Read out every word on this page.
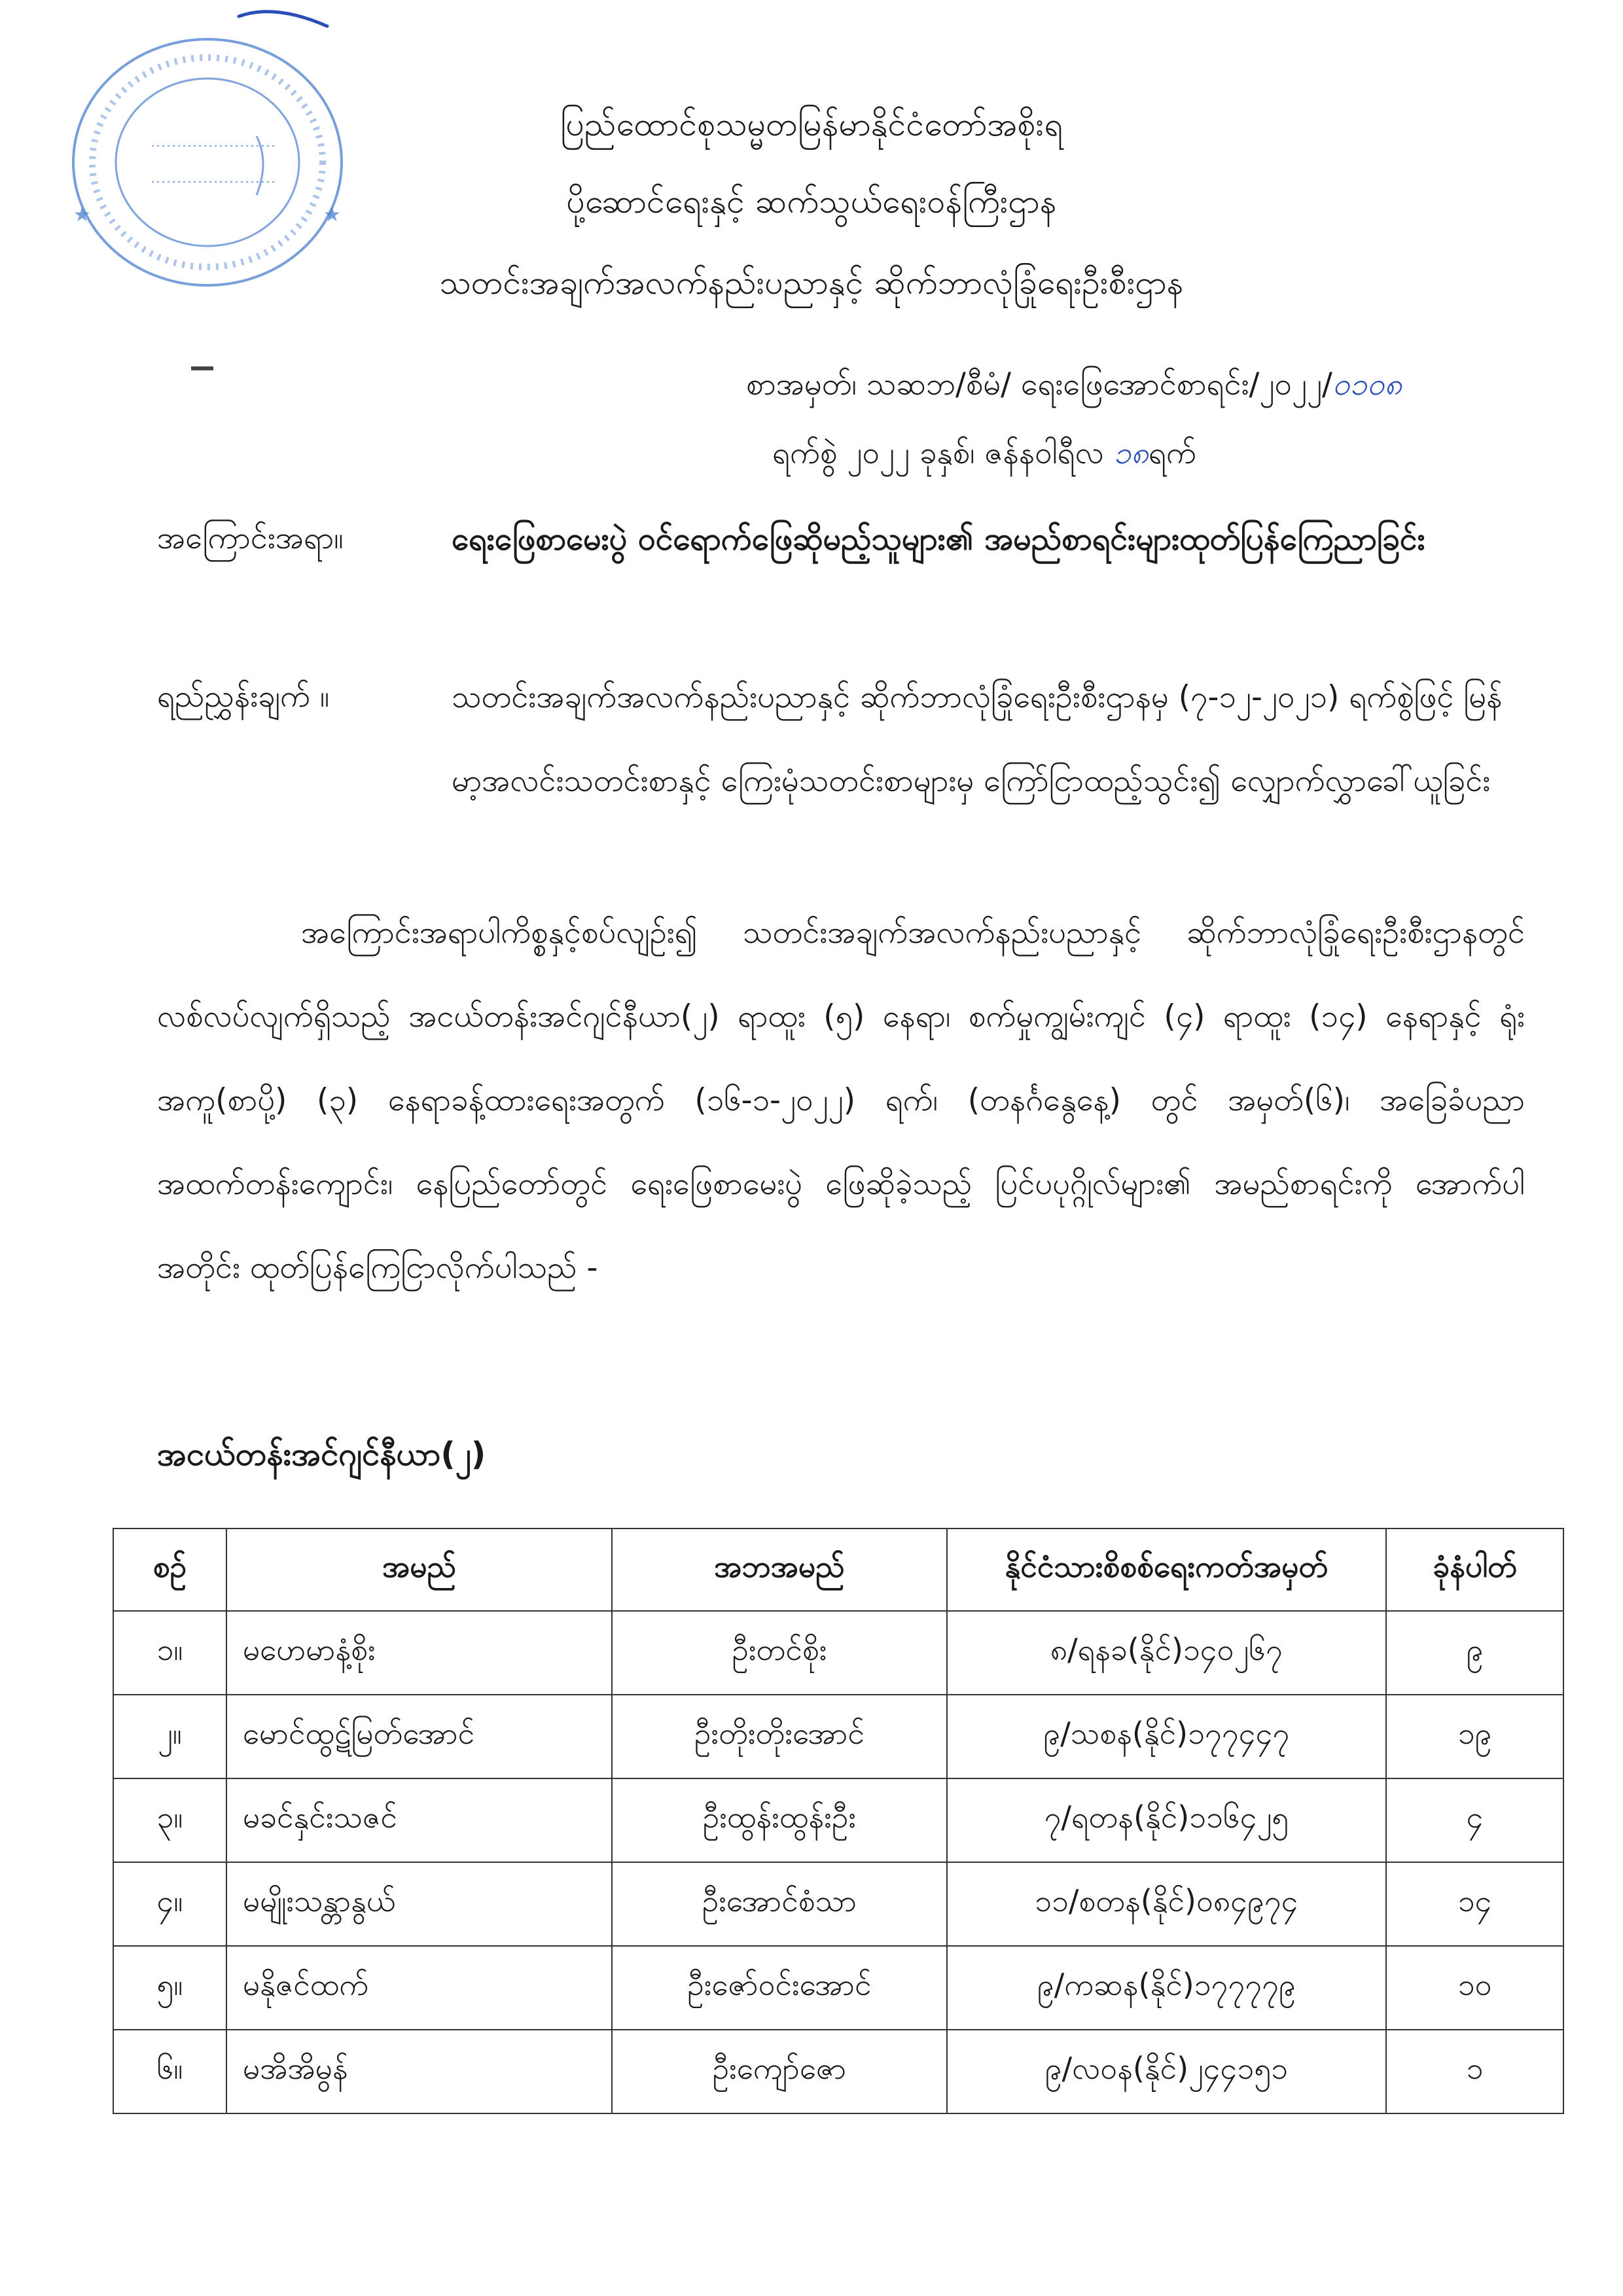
★	★
ပြည်ထောင်စုသမ္မတမြန်မာနိုင်ငံတော်အစိုးရ
ပို့ဆောင်ရေးနှင့် ဆက်သွယ်ရေးဝန်ကြီးဌာန
သတင်းအချက်အလက်နည်းပညာနှင့် ဆိုက်ဘာလုံခြုံရေးဦးစီးဌာန
စာအမှတ်၊ သဆဘ/စီမံ/ ရေးဖြေအောင်စာရင်း/၂၀၂၂/၀၁၀၈
ရက်စွဲ ၂၀၂၂ ခုနှစ်၊ ဇန်နဝါရီလ ၁၈ရက်
အကြောင်းအရာ။	ရေးဖြေစာမေးပွဲ ဝင်ရောက်ဖြေဆိုမည့်သူများ၏ အမည်စာရင်းများထုတ်ပြန်ကြေညာခြင်း
ရည်ညွှန်းချက် ။	သတင်းအချက်အလက်နည်းပညာနှင့် ဆိုက်ဘာလုံခြုံရေးဦးစီးဌာနမှ (၇-၁၂-၂၀၂၁) ရက်စွဲဖြင့် မြန်မာ့အလင်းသတင်းစာနှင့် ကြေးမုံသတင်းစာများမှ ကြော်ငြာထည့်သွင်း၍ လျှောက်လွှာခေါ်ယူခြင်း
အကြောင်းအရာပါကိစ္စနှင့်စပ်လျဉ်း၍ သတင်းအချက်အလက်နည်းပညာနှင့် ဆိုက်ဘာလုံခြုံရေးဦးစီးဌာနတွင် လစ်လပ်လျက်ရှိသည့် အငယ်တန်းအင်ဂျင်နီယာ(၂) ရာထူး (၅) နေရာ၊ စက်မှုကျွမ်းကျင် (၄) ရာထူး (၁၄) နေရာနှင့် ရုံးအကူ(စာပို့) (၃) နေရာခန့်ထားရေးအတွက် (၁၆-၁-၂၀၂၂) ရက်၊ (တနင်္ဂနွေနေ့) တွင် အမှတ်(၆)၊ အခြေခံပညာအထက်တန်းကျောင်း၊ နေပြည်တော်တွင် ရေးဖြေစာမေးပွဲ ဖြေဆိုခဲ့သည့် ပြင်ပပုဂ္ဂိုလ်များ၏ အမည်စာရင်းကို အောက်ပါအတိုင်း ထုတ်ပြန်ကြေငြာလိုက်ပါသည် -
အငယ်တန်းအင်ဂျင်နီယာ(၂)
စဉ်	အမည်	အဘအမည်	နိုင်ငံသားစိစစ်ရေးကတ်အမှတ်	ခုံနံပါတ်
၁။	မဟေမာနံ့စိုး	ဦးတင်စိုး	၈/ရနခ(နိုင်)၁၄၀၂၆၇	၉
၂။	မောင်ထွဋ်မြတ်အောင်	ဦးတိုးတိုးအောင်	၉/သစန(နိုင်)၁၇၇၄၄၇	၁၉
၃။	မခင်နှင်းသဇင်	ဦးထွန်းထွန်းဦး	၇/ရတန(နိုင်)၁၁၆၄၂၅	၄
၄။	မမျိုးသန္တာနွယ်	ဦးအောင်စံသာ	၁၁/စတန(နိုင်)၀၈၄၉၇၄	၁၄
၅။	မနိုဇင်ထက်	ဦးဇော်ဝင်းအောင်	၉/ကဆန(နိုင်)၁၇၇၇၇၉	၁၀
၆။	မအိအိမွန်	ဦးကျော်ဇော	၉/လဝန(နိုင်)၂၄၄၁၅၁	၁
